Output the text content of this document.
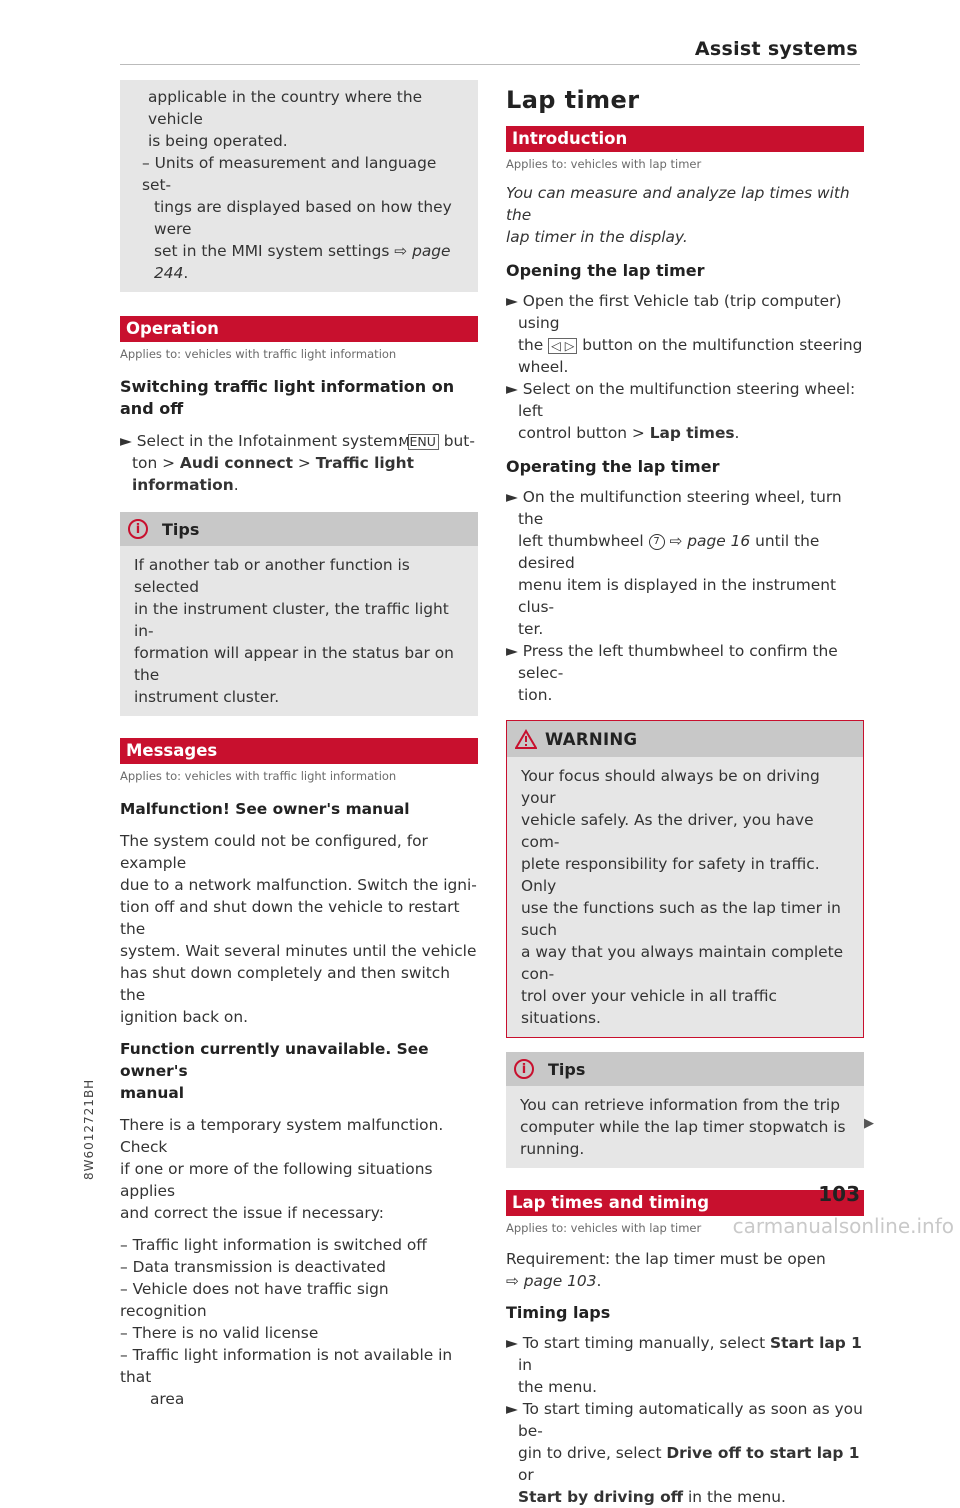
Assist systems

applicable in the country where the vehicle

is being operated.

– Units of measurement and language set-

tings are displayed based on how they were

set in the MMI system settings ⇨ page 244.

Operation
Applies to: vehicles with traffic light information

Switching traffic light information on and off

► Select in the Infotainment system: MENU but-

ton > Audi connect > Traffic light information.

i	Tips

If another tab or another function is selected

in the instrument cluster, the traffic light in-

formation will appear in the status bar on the

instrument cluster.

Messages
Applies to: vehicles with traffic light information

Malfunction! See owner's manual

The system could not be configured, for example

due to a network malfunction. Switch the igni-

tion off and shut down the vehicle to restart the

system. Wait several minutes until the vehicle

has shut down completely and then switch the

ignition back on.

Function currently unavailable. See owner's

manual

There is a temporary system malfunction. Check

if one or more of the following situations applies

and correct the issue if necessary:

– Traffic light information is switched off

– Data transmission is deactivated

– Vehicle does not have traffic sign recognition

– There is no valid license

– Traffic light information is not available in that

area

Lap timer
Introduction
Applies to: vehicles with lap timer

You can measure and analyze lap times with the

lap timer in the display.

Opening the lap timer

► Open the first Vehicle tab (trip computer) using

the ◁ ▷ button on the multifunction steering

wheel.

► Select on the multifunction steering wheel: left

control button > Lap times.

Operating the lap timer

► On the multifunction steering wheel, turn the

left thumbwheel 7 ⇨ page 16 until the desired

menu item is displayed in the instrument clus-

ter.

► Press the left thumbwheel to confirm the selec-

tion.

WARNING

Your focus should always be on driving your

vehicle safely. As the driver, you have com-

plete responsibility for safety in traffic. Only

use the functions such as the lap timer in such

a way that you always maintain complete con-

trol over your vehicle in all traffic situations.

i	Tips

You can retrieve information from the trip

computer while the lap timer stopwatch is

running.

Lap times and timing
Applies to: vehicles with lap timer

Requirement: the lap timer must be open

⇨ page 103.

Timing laps

► To start timing manually, select Start lap 1 in

the menu.

► To start timing automatically as soon as you be-

gin to drive, select Drive off to start lap 1 or

Start by driving off in the menu.

▶
8W6012721BH
103
carmanualsonline.info
